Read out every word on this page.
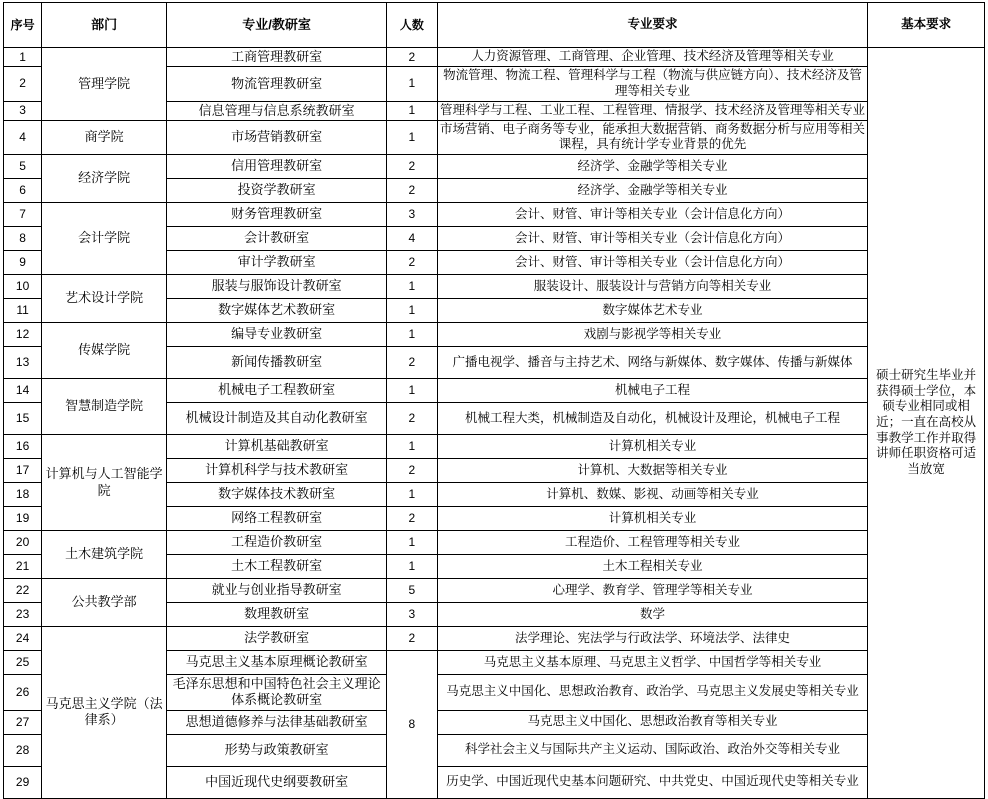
序号	部门	专业/教研室	人数	专业要求	基本要求
1	管理学院	工商管理教研室	2	人力资源管理、工商管理、企业管理、技术经济及管理等相关专业	硕士研究生毕业并获得硕士学位，本硕专业相同或相近；一直在高校从事教学工作并取得讲师任职资格可适当放宽
2		物流管理教研室	1	物流管理、物流工程、管理科学与工程（物流与供应链方向）、技术经济及管理等相关专业	
3		信息管理与信息系统教研室	1	管理科学与工程、工业工程、工程管理、情报学、技术经济及管理等相关专业	
4	商学院	市场营销教研室	1	市场营销、电子商务等专业，能承担大数据营销、商务数据分析与应用等相关课程，具有统计学专业背景的优先	
5	经济学院	信用管理教研室	2	经济学、金融学等相关专业	
6		投资学教研室	2	经济学、金融学等相关专业	
7	会计学院	财务管理教研室	3	会计、财管、审计等相关专业（会计信息化方向）	
8		会计教研室	4	会计、财管、审计等相关专业（会计信息化方向）	
9		审计学教研室	2	会计、财管、审计等相关专业（会计信息化方向）	
10	艺术设计学院	服装与服饰设计教研室	1	服装设计、服装设计与营销方向等相关专业	
11		数字媒体艺术教研室	1	数字媒体艺术专业	
12	传媒学院	编导专业教研室	1	戏剧与影视学等相关专业	
13		新闻传播教研室	2	广播电视学、播音与主持艺术、网络与新媒体、数字媒体、传播与新媒体	
14	智慧制造学院	机械电子工程教研室	1	机械电子工程	
15		机械设计制造及其自动化教研室	2	机械工程大类，机械制造及自动化，机械设计及理论，机械电子工程	
16	计算机与人工智能学院	计算机基础教研室	1	计算机相关专业	
17		计算机科学与技术教研室	2	计算机、大数据等相关专业	
18		数字媒体技术教研室	1	计算机、数媒、影视、动画等相关专业	
19		网络工程教研室	2	计算机相关专业	
20	土木建筑学院	工程造价教研室	1	工程造价、工程管理等相关专业	
21		土木工程教研室	1	土木工程相关专业	
22	公共教学部	就业与创业指导教研室	5	心理学、教育学、管理学等相关专业	
23		数理教研室	3	数学	
24	马克思主义学院（法律系）	法学教研室	2	法学理论、宪法学与行政法学、环境法学、法律史	
25		马克思主义基本原理概论教研室	8	马克思主义基本原理、马克思主义哲学、中国哲学等相关专业	
26		毛泽东思想和中国特色社会主义理论体系概论教研室		马克思主义中国化、思想政治教育、政治学、马克思主义发展史等相关专业	
27		思想道德修养与法律基础教研室		马克思主义中国化、思想政治教育等相关专业	
28		形势与政策教研室		科学社会主义与国际共产主义运动、国际政治、政治外交等相关专业	
29		中国近现代史纲要教研室		历史学、中国近现代史基本问题研究、中共党史、中国近现代史等相关专业	
